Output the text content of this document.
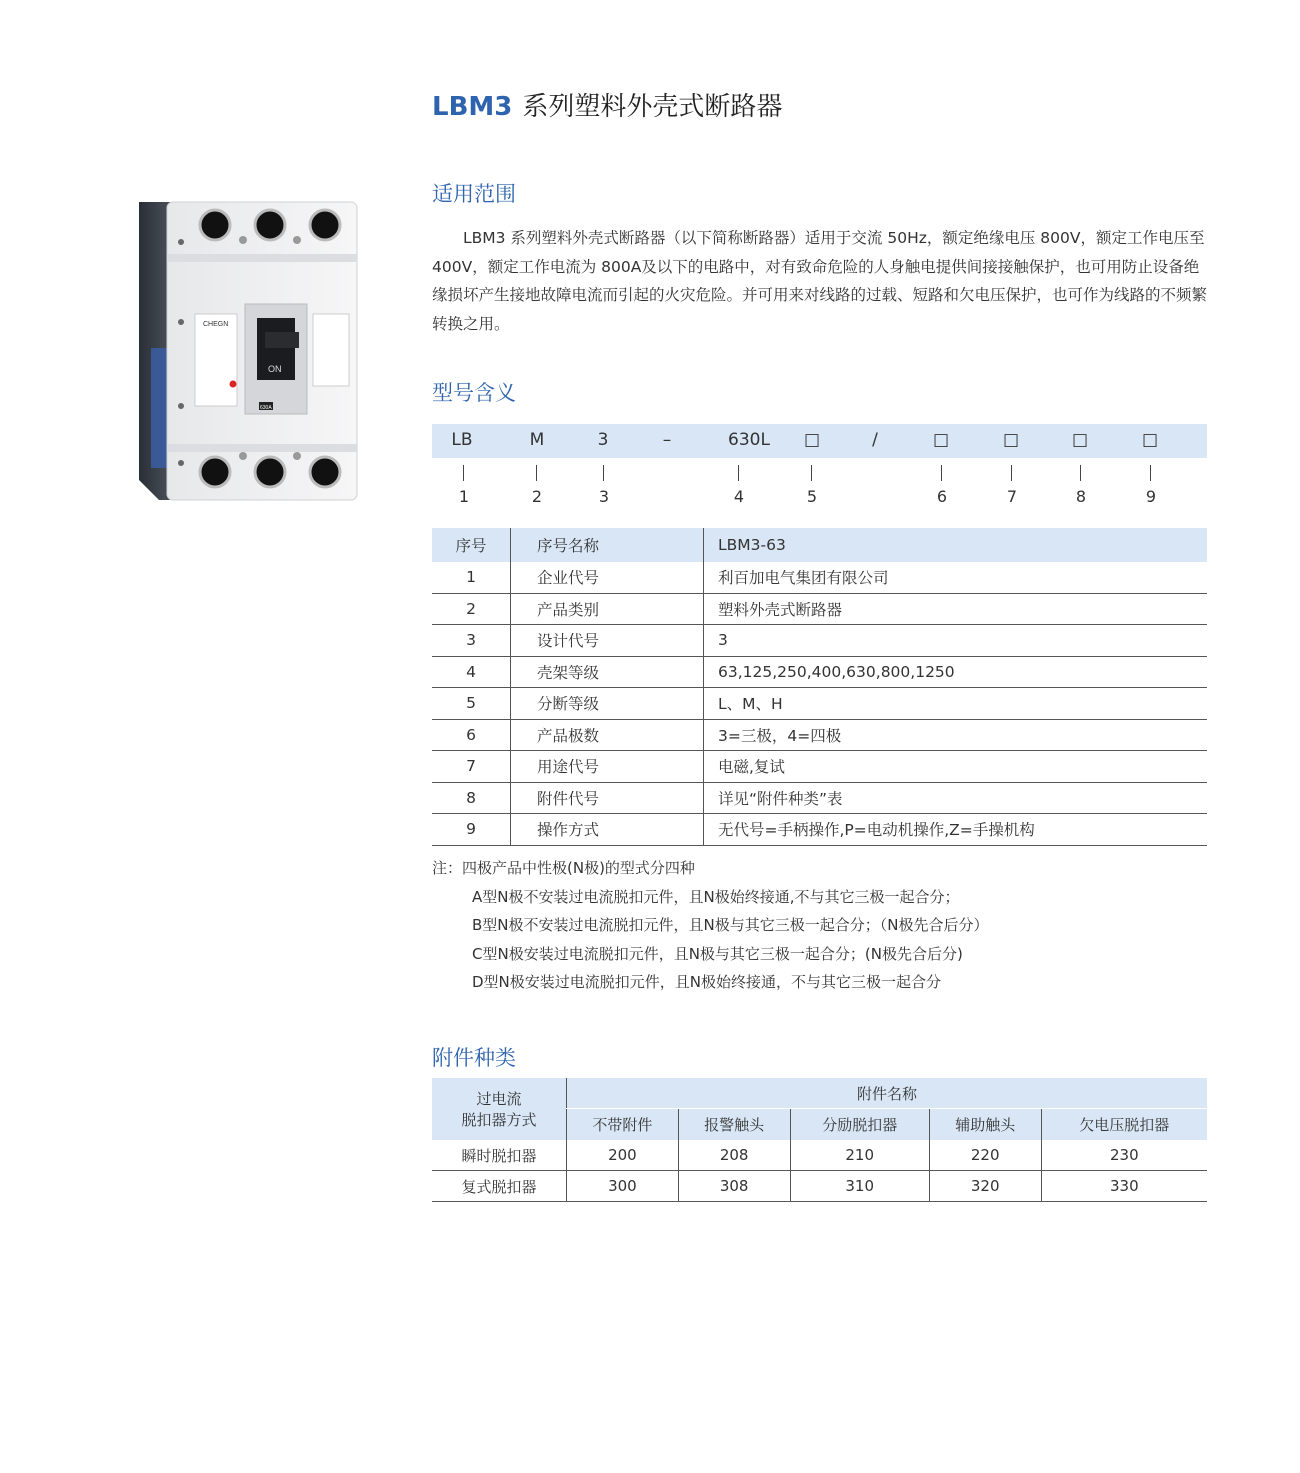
LBM3 系列塑料外壳式断路器
CHEGN
ON
630A
适用范围
LBM3 系列塑料外壳式断路器（以下简称断路器）适用于交流 50Hz，额定绝缘电压 800V，额定工作电压至 400V，额定工作电流为 800A及以下的电路中，对有致命危险的人身触电提供间接接触保护，也可用防止设备绝缘损坏产生接地故障电流而引起的火灾危险。并可用来对线路的过载、短路和欠电压保护，也可作为线路的不频繁转换之用。
型号含义
LB	M	3	–	630L □	/	□	□	□	□
1	2	3	4	5	6	7	8	9
序号	序号名称	LBM3-63
1	企业代号	利百加电气集团有限公司
2	产品类别	塑料外壳式断路器
3	设计代号	3
4	壳架等级	63,125,250,400,630,800,1250
5	分断等级	L、M、H
6	产品极数	3=三极，4=四极
7	用途代号	电磁,复试
8	附件代号	详见“附件种类”表
9	操作方式	无代号=手柄操作,P=电动机操作,Z=手操机构
注：四极产品中性极(N极)的型式分四种
A型N极不安装过电流脱扣元件，且N极始终接通,不与其它三极一起合分；
B型N极不安装过电流脱扣元件，且N极与其它三极一起合分；（N极先合后分）
C型N极安装过电流脱扣元件，且N极与其它三极一起合分；(N极先合后分)
D型N极安装过电流脱扣元件，且N极始终接通，不与其它三极一起合分
附件种类
过电流
脱扣器方式	附件名称				
	不带附件	报警触头	分励脱扣器	辅助触头	欠电压脱扣器
瞬时脱扣器	200	208	210	220	230
复式脱扣器	300	308	310	320	330
